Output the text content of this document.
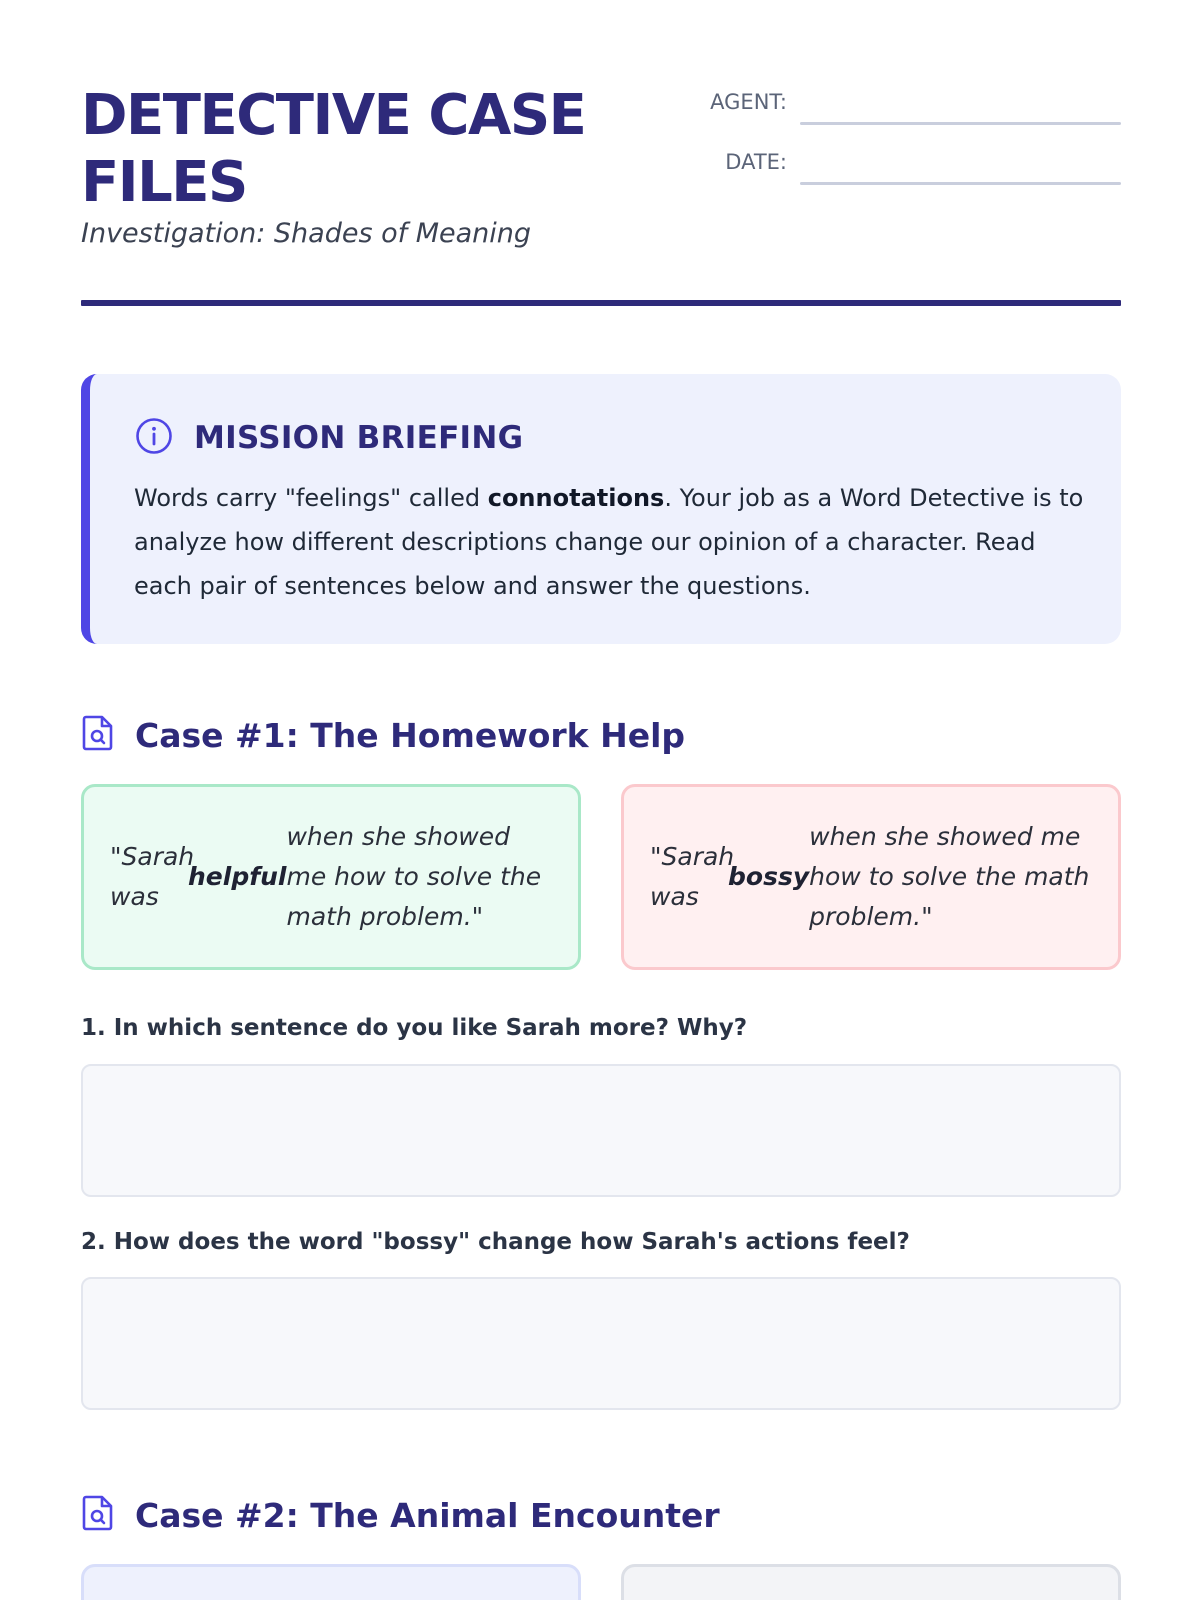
DETECTIVE CASE FILES
Investigation: Shades of Meaning
AGENT:
DATE:
MISSION BRIEFING

Words carry "feelings" called connotations. Your job as a Word Detective is to analyze how different descriptions change our opinion of a character. Read each pair of sentences below and answer the questions.

Case #1: The Homework Help
"Sarah was
helpful
when she showed me how to solve the math problem."
"Sarah was
bossy
when she showed me how to solve the math problem."
1. In which sentence do you like Sarah more? Why?
2. How does the word "bossy" change how Sarah's actions feel?
Case #2: The Animal Encounter
